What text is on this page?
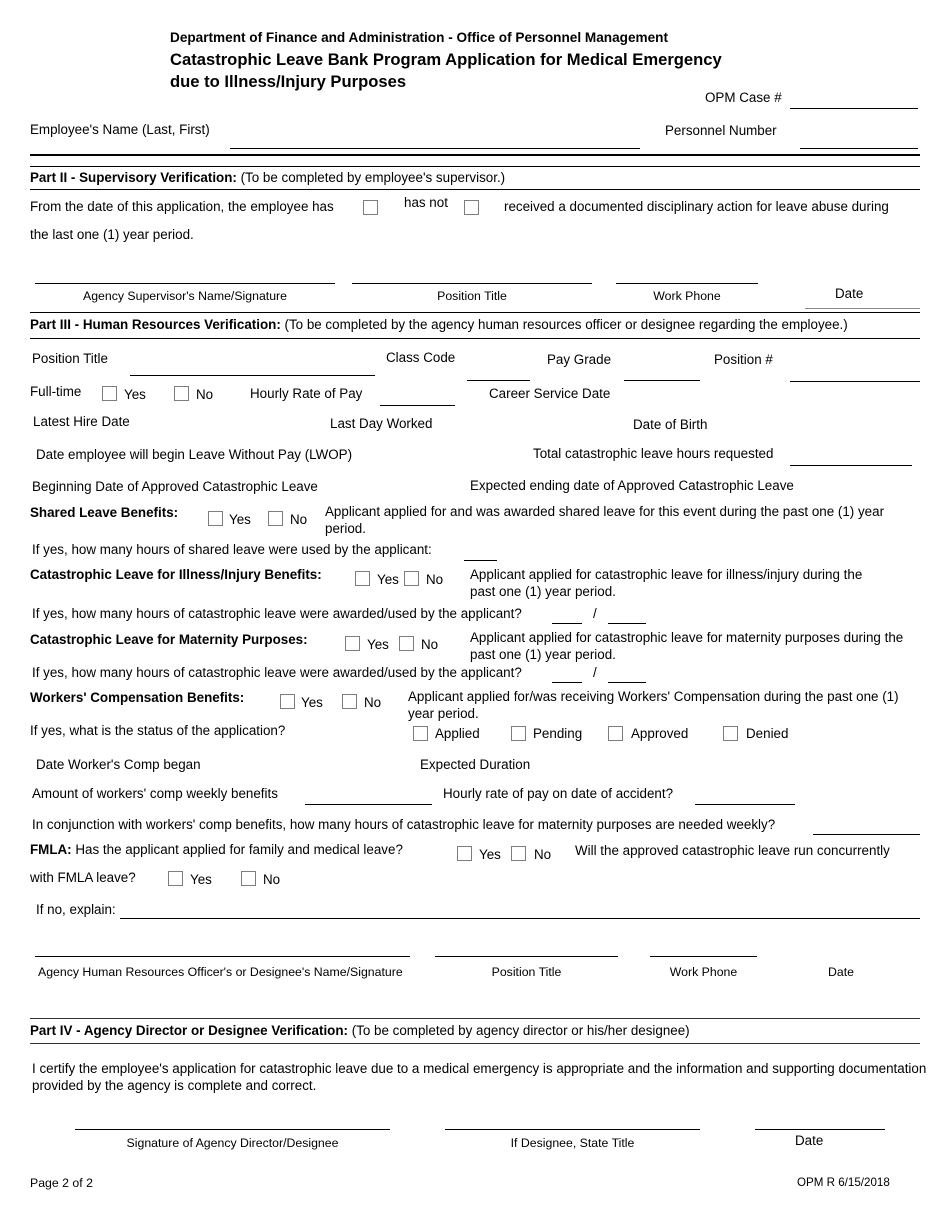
Department of Finance and Administration - Office of Personnel Management
Catastrophic Leave Bank Program Application for Medical Emergency
due to Illness/Injury Purposes
OPM Case #
Employee's Name (Last, First)	Personnel Number
Part II - Supervisory Verification: (To be completed by employee's supervisor.)
From the date of this application, the employee has	has not	received a documented disciplinary action for leave abuse during
the last one (1) year period.
Agency Supervisor's Name/Signature	Position Title	Work Phone	Date
Part III - Human Resources Verification: (To be completed by the agency human resources officer or designee regarding the employee.)
Position Title	Class Code	Pay Grade	Position #
Full-time	Yes	No	Hourly Rate of Pay	Career Service Date
Latest Hire Date	Last Day Worked	Date of Birth
Date employee will begin Leave Without Pay (LWOP)	Total catastrophic leave hours requested
Beginning Date of Approved Catastrophic Leave	Expected ending date of Approved Catastrophic Leave
Shared Leave Benefits:	Yes	No
Applicant applied for and was awarded shared leave for this event during the past one (1) year period.
If yes, how many hours of shared leave were used by the applicant:
Catastrophic Leave for Illness/Injury Benefits:	Yes No Applicant applied for catastrophic leave for illness/injury during the past one (1) year period.
If yes, how many hours of catastrophic leave were awarded/used by the applicant?	/
Catastrophic Leave for Maternity Purposes:	Yes No Applicant applied for catastrophic leave for maternity purposes during the past one (1) year period.
If yes, how many hours of catastrophic leave were awarded/used by the applicant?	/
Workers' Compensation Benefits:	Yes	No Applicant applied for/was receiving Workers' Compensation during the past one (1) year period.
If yes, what is the status of the application?	Applied	Pending	Approved	Denied
Date Worker's Comp began	Expected Duration
Amount of workers' comp weekly benefits	Hourly rate of pay on date of accident?
In conjunction with workers' comp benefits, how many hours of catastrophic leave for maternity purposes are needed weekly?
FMLA: Has the applicant applied for family and medical leave?	Yes No Will the approved catastrophic leave run concurrently
with FMLA leave?	Yes	No
If no, explain:
Agency Human Resources Officer's or Designee's Name/Signature	Position Title	Work Phone	Date
Part IV - Agency Director or Designee Verification: (To be completed by agency director or his/her designee)
I certify the employee's application for catastrophic leave due to a medical emergency is appropriate and the information and supporting documentation provided by the agency is complete and correct.
Signature of Agency Director/Designee	If Designee, State Title	Date
Page 2 of 2	OPM R 6/15/2018
